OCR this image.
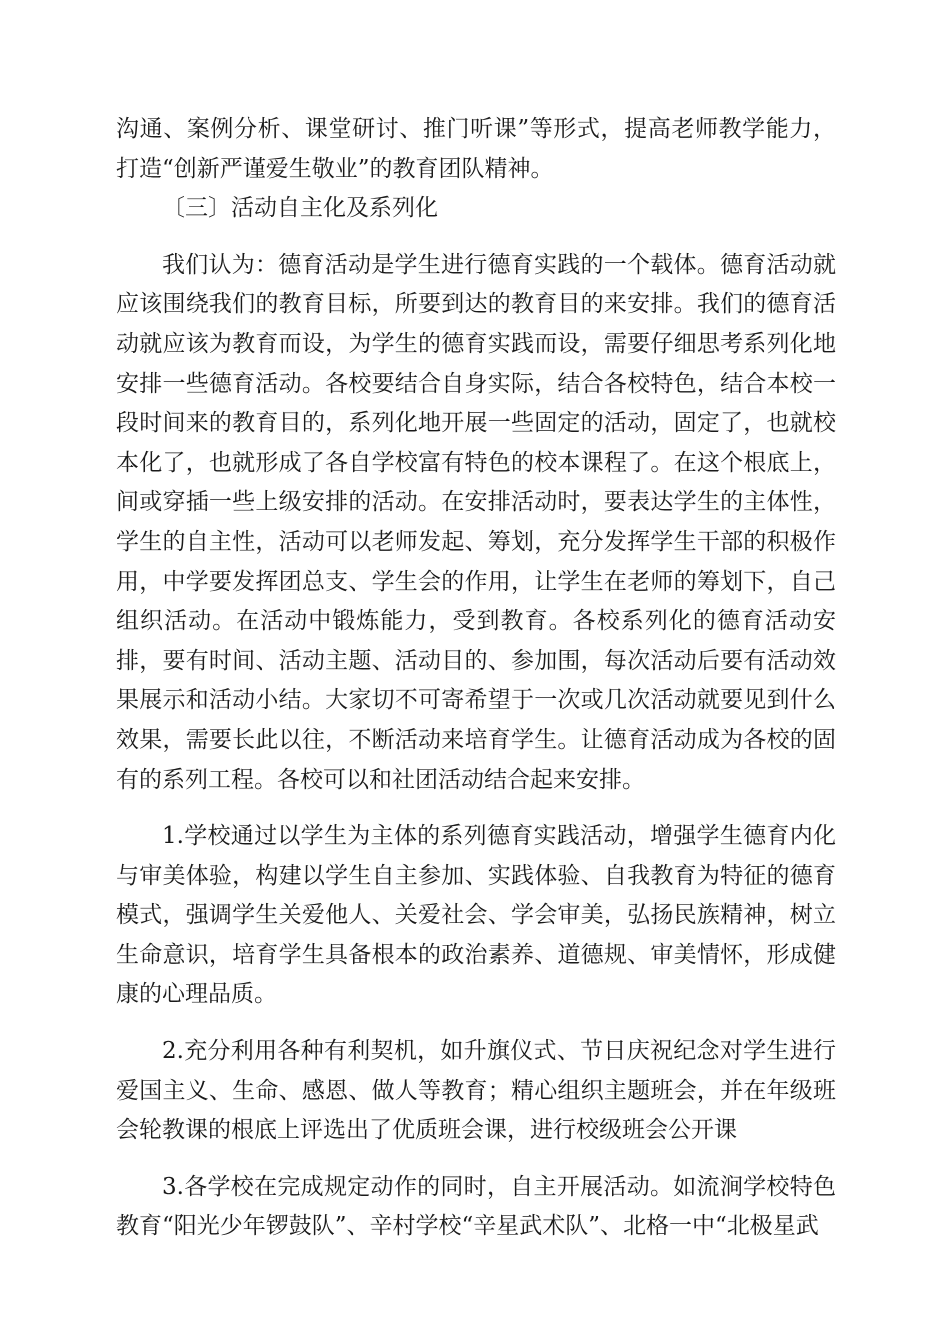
沟通、案例分析、课堂研讨、推门听课”等形式，提高老师教学能力，打造“创新严谨爱生敬业”的教育团队精神。

〔三〕活动自主化及系列化

我们认为：德育活动是学生进行德育实践的一个载体。德育活动就应该围绕我们的教育目标，所要到达的教育目的来安排。我们的德育活动就应该为教育而设，为学生的德育实践而设，需要仔细思考系列化地安排一些德育活动。各校要结合自身实际，结合各校特色，结合本校一段时间来的教育目的，系列化地开展一些固定的活动，固定了，也就校本化了，也就形成了各自学校富有特色的校本课程了。在这个根底上，间或穿插一些上级安排的活动。在安排活动时，要表达学生的主体性，学生的自主性，活动可以老师发起、筹划，充分发挥学生干部的积极作用，中学要发挥团总支、学生会的作用，让学生在老师的筹划下，自己组织活动。在活动中锻炼能力，受到教育。各校系列化的德育活动安排，要有时间、活动主题、活动目的、参加围，每次活动后要有活动效果展示和活动小结。大家切不可寄希望于一次或几次活动就要见到什么效果，需要长此以往，不断活动来培育学生。让德育活动成为各校的固有的系列工程。各校可以和社团活动结合起来安排。

1.学校通过以学生为主体的系列德育实践活动，增强学生德育内化与审美体验，构建以学生自主参加、实践体验、自我教育为特征的德育模式，强调学生关爱他人、关爱社会、学会审美，弘扬民族精神，树立生命意识，培育学生具备根本的政治素养、道德规、审美情怀，形成健康的心理品质。

2.充分利用各种有利契机，如升旗仪式、节日庆祝纪念对学生进行爱国主义、生命、感恩、做人等教育；精心组织主题班会，并在年级班会轮教课的根底上评选出了优质班会课，进行校级班会公开课

3.各学校在完成规定动作的同时，自主开展活动。如流涧学校特色教育“阳光少年锣鼓队”、辛村学校“辛星武术队”、北格一中“北极星武
